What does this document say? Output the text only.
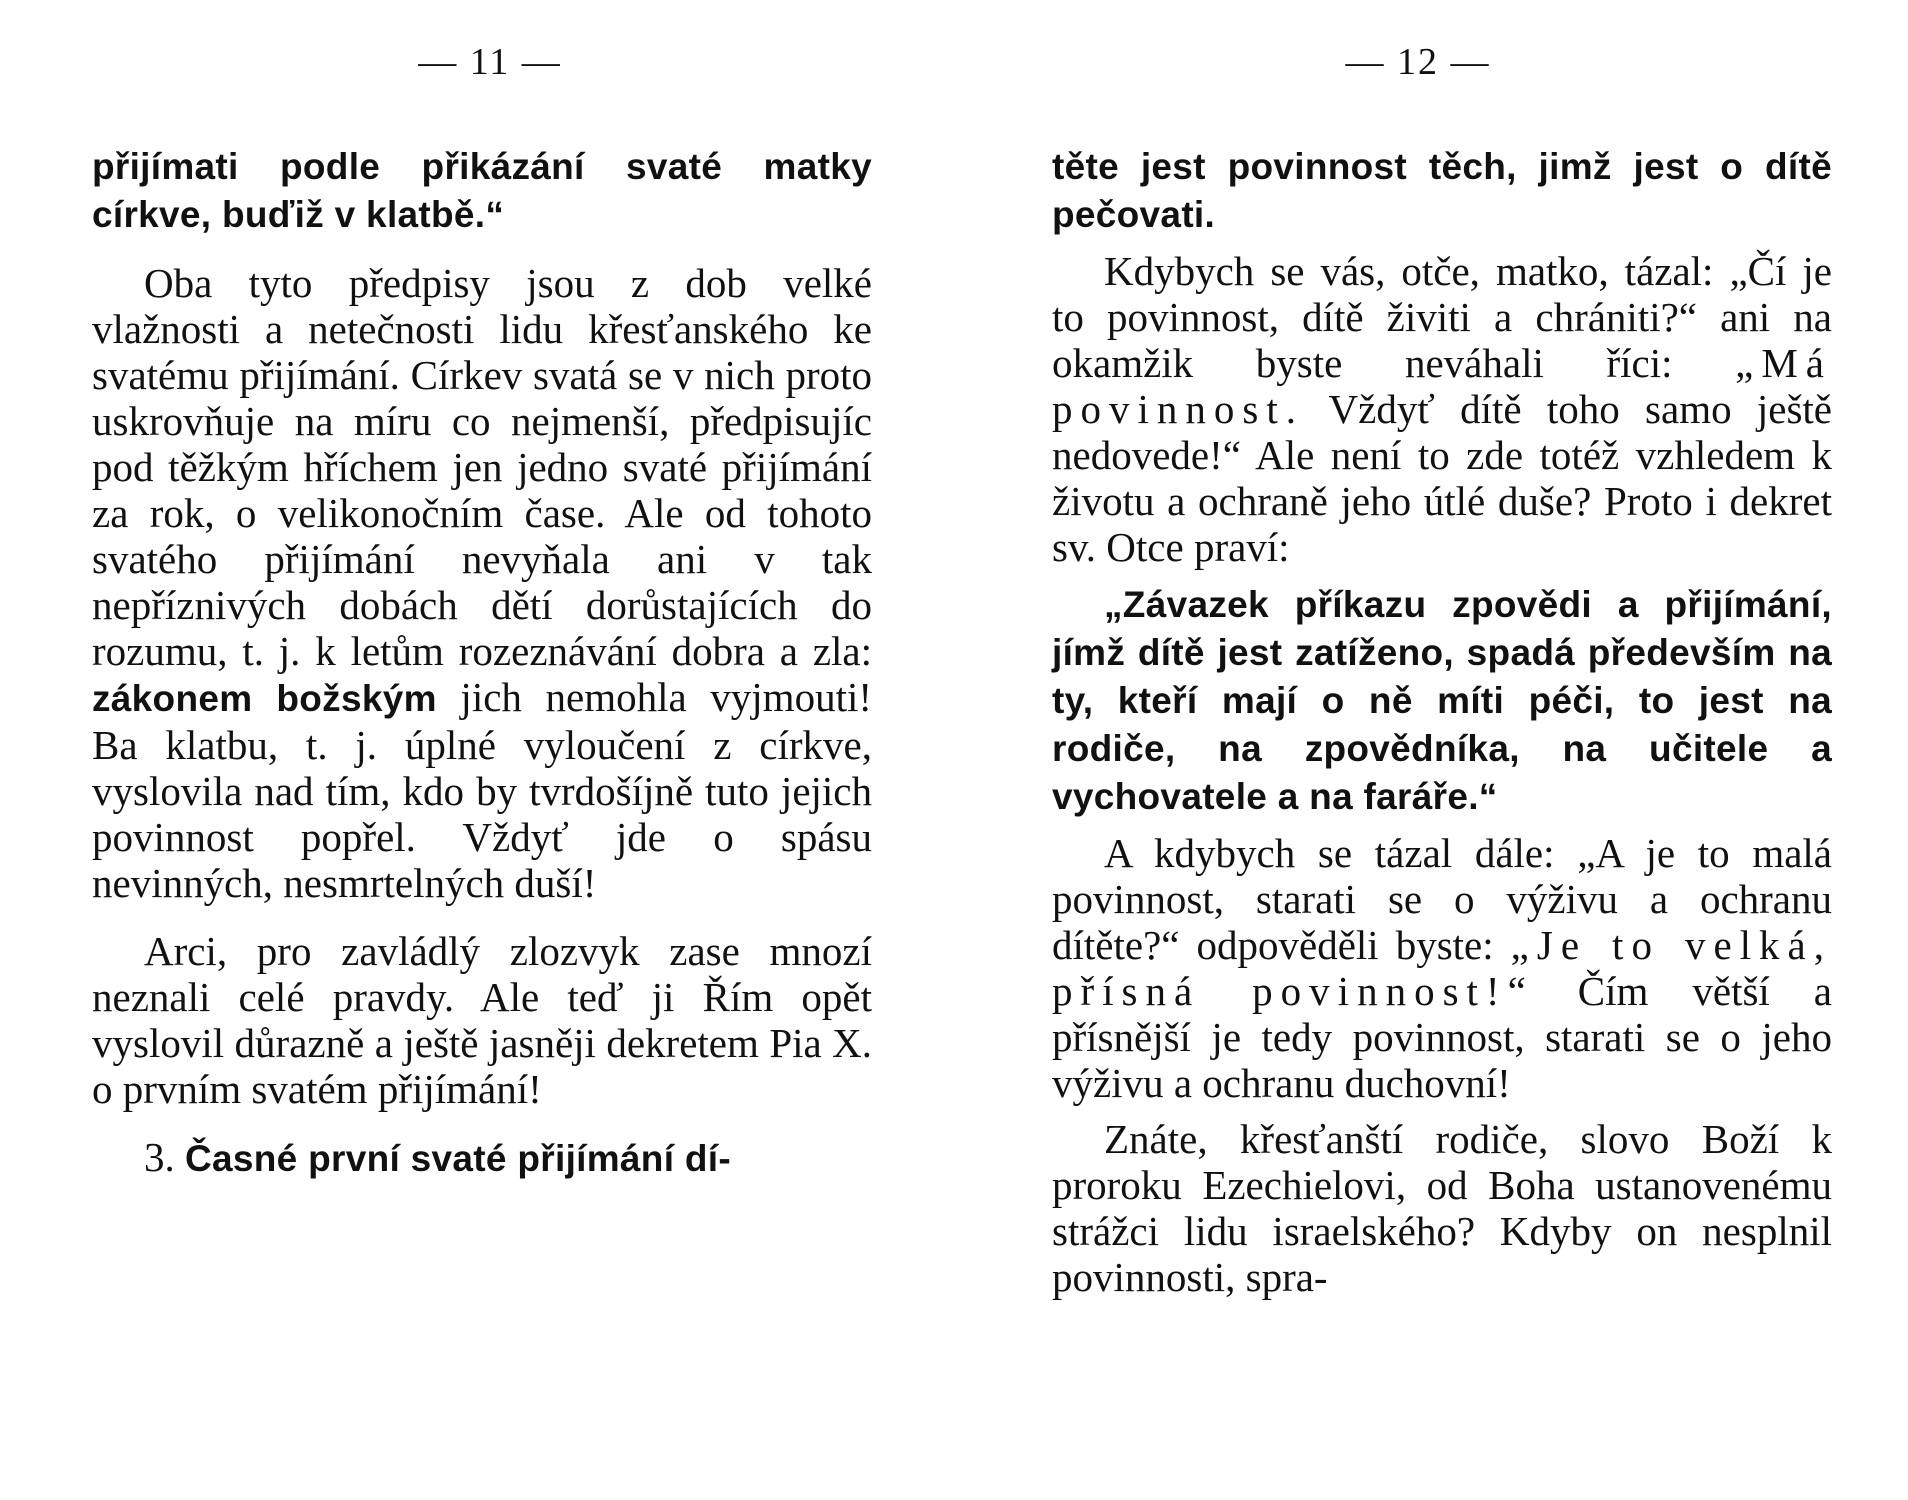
— 11 —

přijímati podle přikázání svaté matky církve, buďiž v klatbě.“

Oba tyto předpisy jsou z dob velké vlažnosti a netečnosti lidu křesťanského ke svatému přijímání. Církev svatá se v nich proto uskrovňuje na míru co nejmenší, předpisujíc pod těžkým hříchem jen jedno svaté přijímání za rok, o velikonočním čase. Ale od tohoto svatého přijímání nevyňala ani v tak nepříznivých dobách dětí dorůstajících do rozumu, t. j. k letům rozeznávání dobra a zla: zákonem božským jich nemohla vyjmouti! Ba klatbu, t. j. úplné vyloučení z církve, vyslovila nad tím, kdo by tvrdošíjně tuto jejich povinnost popřel. Vždyť jde o spásu nevinných, nesmrtelných duší!

Arci, pro zavládlý zlozvyk zase mnozí neznali celé pravdy. Ale teď ji Řím opět vyslovil důrazně a ještě jasněji dekretem Pia X. o prvním svatém přijímání!

3. Časné první svaté přijímání dí-

— 12 —

těte jest povinnost těch, jimž jest o dítě pečovati.

Kdybych se vás, otče, matko, tázal: „Čí je to povinnost, dítě živiti a chrániti?“ ani na okamžik byste neváhali říci: „Má povinnost. Vždyť dítě toho samo ještě nedovede!“ Ale není to zde totéž vzhledem k životu a ochraně jeho útlé duše? Proto i dekret sv. Otce praví:

„Závazek příkazu zpovědi a přijímání, jímž dítě jest zatíženo, spadá především na ty, kteří mají o ně míti péči, to jest na rodiče, na zpovědníka, na učitele a vychovatele a na faráře.“

A kdybych se tázal dále: „A je to malá povinnost, starati se o výživu a ochranu dítěte?“ odpověděli byste: „Je to velká, přísná povinnost!“ Čím větší a přísnější je tedy povinnost, starati se o jeho výživu a ochranu duchovní!

Znáte, křesťanští rodiče, slovo Boží k proroku Ezechielovi, od Boha ustanovenému strážci lidu israelského? Kdyby on nesplnil povinnosti, spra-
